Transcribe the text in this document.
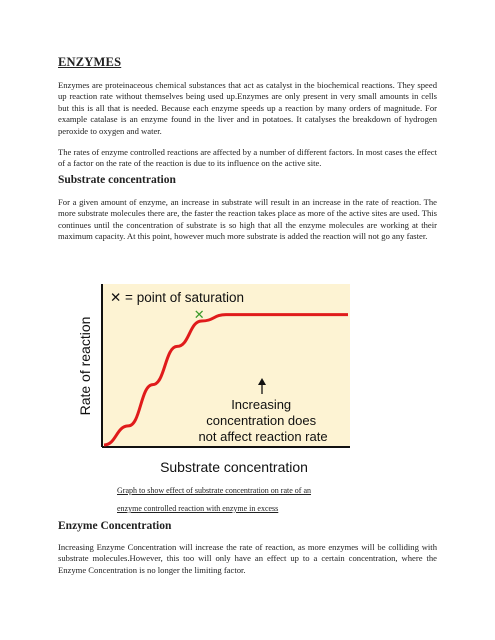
ENZYMES

Enzymes are proteinaceous chemical substances that act as catalyst in the biochemical reactions. They speed up reaction rate without themselves being used up.Enzymes are only present in very small amounts in cells but this is all that is needed. Because each enzyme speeds up a reaction by many orders of magnitude. For example catalase is an enzyme found in the liver and in potatoes. It catalyses the breakdown of hydrogen peroxide to oxygen and water.

The rates of enzyme controlled reactions are affected by a number of different factors. In most cases the effect of a factor on the rate of the reaction is due to its influence on the active site.

Substrate concentration

For a given amount of enzyme, an increase in substrate will result in an increase in the rate of reaction. The more substrate molecules there are, the faster the reaction takes place as more of the active sites are used. This continues until the concentration of substrate is so high that all the enzyme molecules are working at their maximum capacity. At this point, however much more substrate is added the reaction will not go any faster.

✕
✕ = point of saturation
Increasing concentration does not affect reaction rate
Rate of reaction
Substrate concentration
Graph to show effect of substrate concentration on rate of an
enzyme controlled reaction with enzyme in excess
Enzyme Concentration

Increasing Enzyme Concentration will increase the rate of reaction, as more enzymes will be colliding with substrate molecules.However, this too will only have an effect up to a certain concentration, where the Enzyme Concentration is no longer the limiting factor.
